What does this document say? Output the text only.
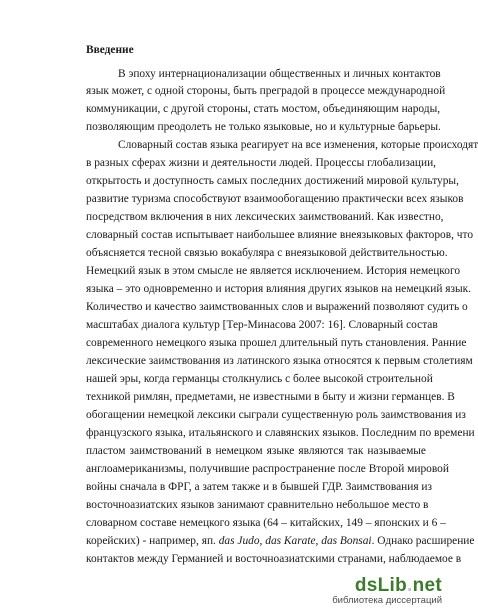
Введение
В эпоху интернационализации общественных и личных контактов
язык может, с одной стороны, быть преградой в процессе международной
коммуникации, с другой стороны, стать мостом, объединяющим народы,
позволяющим преодолеть не только языковые, но и культурные барьеры.
Словарный состав языка реагирует на все изменения, которые происходят
в разных сферах жизни и деятельности людей. Процессы глобализации,
открытость и доступность самых последних достижений мировой культуры,
развитие туризма способствуют взаимообогащению практически всех языков
посредством включения в них лексических заимствований. Как известно,
словарный состав испытывает наибольшее влияние внеязыковых факторов, что
объясняется тесной связью вокабуляра с внеязыковой действительностью.
Немецкий язык в этом смысле не является исключением. История немецкого
языка – это одновременно и история влияния других языков на немецкий язык.
Количество и качество заимствованных слов и выражений позволяют судить о
масштабах диалога культур [Тер-Минасова 2007: 16]. Словарный состав
современного немецкого языка прошел длительный путь становления. Ранние
лексические заимствования из латинского языка относятся к первым столетиям
нашей эры, когда германцы столкнулись с более высокой строительной
техникой римлян, предметами, не известными в быту и жизни германцев. В
обогащении немецкой лексики сыграли существенную роль заимствования из
французского языка, итальянского и славянских языков. Последним по времени
пластом заимствований в немецком языке являются так называемые
англоамериканизмы, получившие распространение после Второй мировой
войны сначала в ФРГ, а затем также и в бывшей ГДР. Заимствования из
восточноазиатских языков занимают сравнительно небольшое место в
словарном составе немецкого языка (64 – китайских, 149 – японских и 6 –
корейских) - например, яп. das Judo, das Karate, das Bonsai. Однако расширение
контактов между Германией и восточноазиатскими странами, наблюдаемое в
dsLib.net
библиотека диссертаций
